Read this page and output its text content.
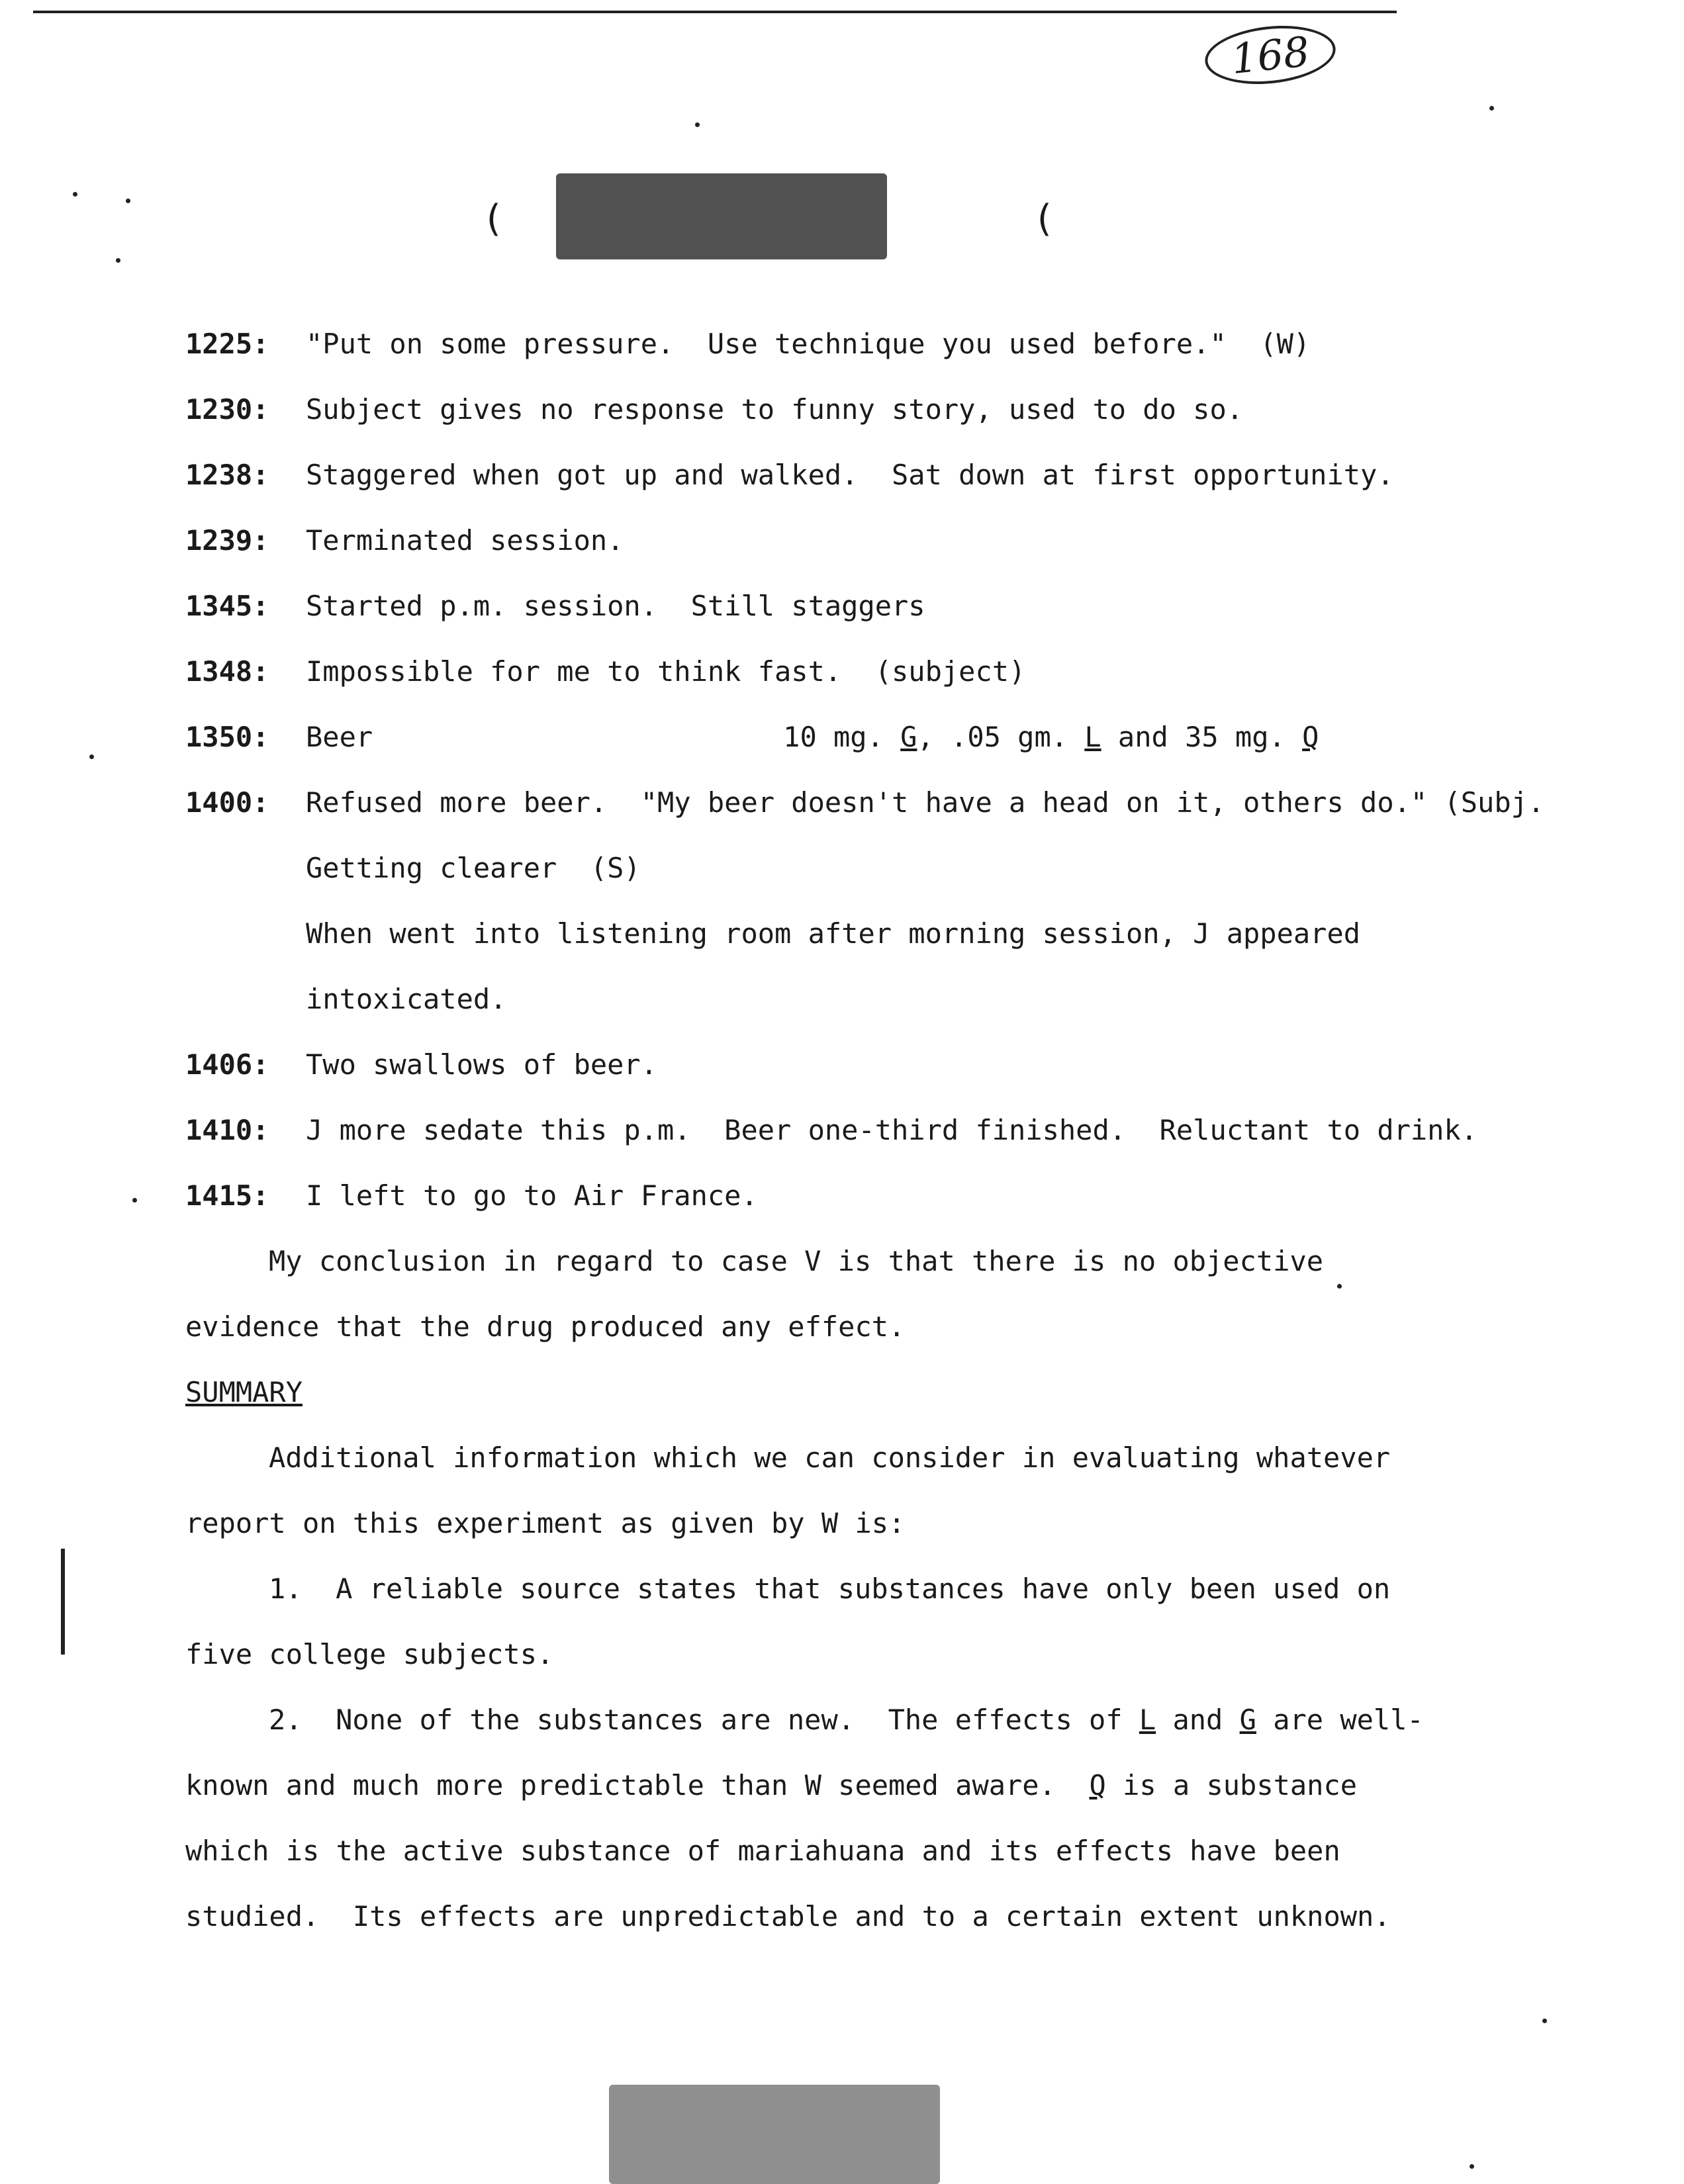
168
(	(
1225:	"Put on some pressure.  Use technique you used before."  (W)
1230:	Subject gives no response to funny story, used to do so.
1238:	Staggered when got up and walked.  Sat down at first opportunity.
1239:	Terminated session.
1345:	Started p.m. session.  Still staggers
1348:	Impossible for me to think fast.  (subject)
1350:	Beer	10 mg. G , .05 gm. L and 35 mg. Q
1400:	Refused more beer.  "My beer doesn't have a head on it, others do." (Subj.
Getting clearer  (S)
When went into listening room after morning session, J appeared
intoxicated.
1406:	Two swallows of beer.
1410:	J more sedate this p.m.  Beer one-third finished.  Reluctant to drink.
1415:	I left to go to Air France.
My conclusion in regard to case V is that there is no objective
evidence that the drug produced any effect.
SUMMARY
Additional information which we can consider in evaluating whatever
report on this experiment as given by W is:
1.  A reliable source states that substances have only been used on
five college subjects.
2.  None of the substances are new.  The effects of L and G are well-
known and much more predictable than W seemed aware. Q is a substance
which is the active substance of mariahuana and its effects have been
studied.  Its effects are unpredictable and to a certain extent unknown.
